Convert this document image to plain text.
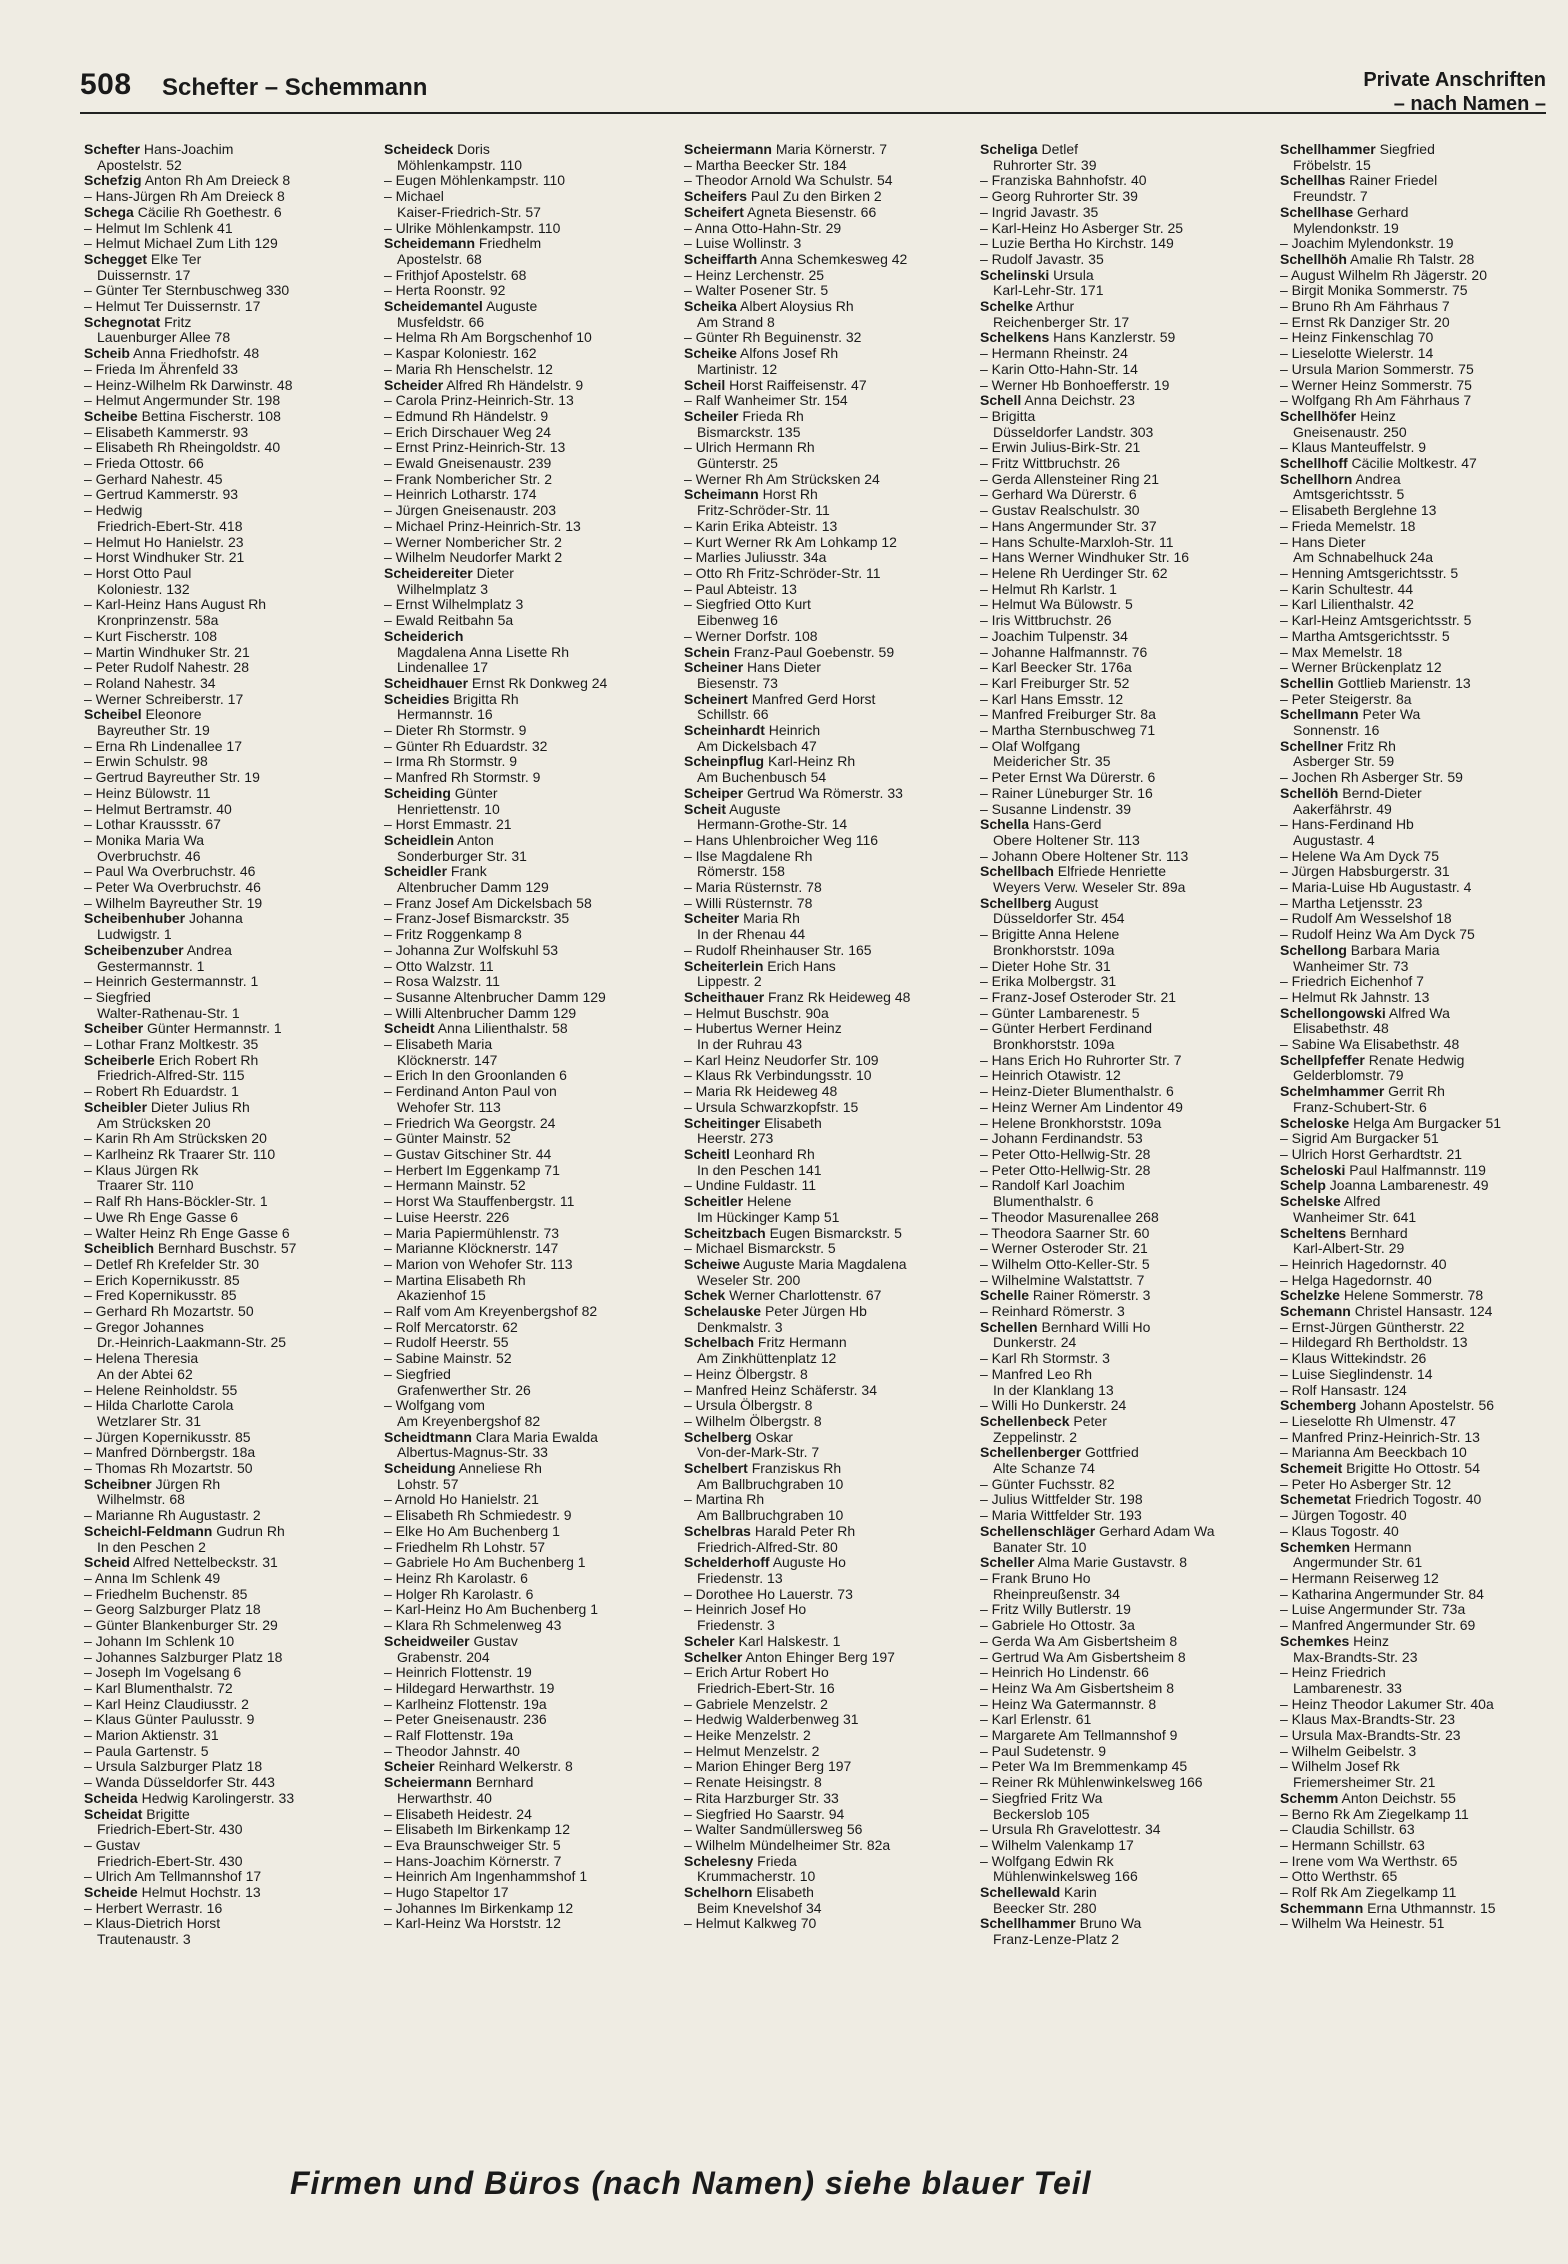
508 Schefter – Schemmann	Private Anschriften
– nach Namen –
Schefter Hans-Joachim
Apostelstr. 52
Schefzig Anton Rh Am Dreieck 8
– Hans-Jürgen Rh Am Dreieck 8
Schega Cäcilie Rh Goethestr. 6
– Helmut Im Schlenk 41
– Helmut Michael Zum Lith 129
Schegget Elke Ter
Duissernstr. 17
– Günter Ter Sternbuschweg 330
– Helmut Ter Duissernstr. 17
Schegnotat Fritz
Lauenburger Allee 78
Scheib Anna Friedhofstr. 48
– Frieda Im Ährenfeld 33
– Heinz-Wilhelm Rk Darwinstr. 48
– Helmut Angermunder Str. 198
Scheibe Bettina Fischerstr. 108
– Elisabeth Kammerstr. 93
– Elisabeth Rh Rheingoldstr. 40
– Frieda Ottostr. 66
– Gerhard Nahestr. 45
– Gertrud Kammerstr. 93
– Hedwig
Friedrich-Ebert-Str. 418
– Helmut Ho Hanielstr. 23
– Horst Windhuker Str. 21
– Horst Otto Paul
Koloniestr. 132
– Karl-Heinz Hans August Rh
Kronprinzenstr. 58a
– Kurt Fischerstr. 108
– Martin Windhuker Str. 21
– Peter Rudolf Nahestr. 28
– Roland Nahestr. 34
– Werner Schreiberstr. 17
Scheibel Eleonore
Bayreuther Str. 19
– Erna Rh Lindenallee 17
– Erwin Schulstr. 98
– Gertrud Bayreuther Str. 19
– Heinz Bülowstr. 11
– Helmut Bertramstr. 40
– Lothar Kraussstr. 67
– Monika Maria Wa
Overbruchstr. 46
– Paul Wa Overbruchstr. 46
– Peter Wa Overbruchstr. 46
– Wilhelm Bayreuther Str. 19
Scheibenhuber Johanna
Ludwigstr. 1
Scheibenzuber Andrea
Gestermannstr. 1
– Heinrich Gestermannstr. 1
– Siegfried
Walter-Rathenau-Str. 1
Scheiber Günter Hermannstr. 1
– Lothar Franz Moltkestr. 35
Scheiberle Erich Robert Rh
Friedrich-Alfred-Str. 115
– Robert Rh Eduardstr. 1
Scheibler Dieter Julius Rh
Am Strücksken 20
– Karin Rh Am Strücksken 20
– Karlheinz Rk Traarer Str. 110
– Klaus Jürgen Rk
Traarer Str. 110
– Ralf Rh Hans-Böckler-Str. 1
– Uwe Rh Enge Gasse 6
– Walter Heinz Rh Enge Gasse 6
Scheiblich Bernhard Buschstr. 57
– Detlef Rh Krefelder Str. 30
– Erich Kopernikusstr. 85
– Fred Kopernikusstr. 85
– Gerhard Rh Mozartstr. 50
– Gregor Johannes
Dr.-Heinrich-Laakmann-Str. 25
– Helena Theresia
An der Abtei 62
– Helene Reinholdstr. 55
– Hilda Charlotte Carola
Wetzlarer Str. 31
– Jürgen Kopernikusstr. 85
– Manfred Dörnbergstr. 18a
– Thomas Rh Mozartstr. 50
Scheibner Jürgen Rh
Wilhelmstr. 68
– Marianne Rh Augustastr. 2
Scheichl-Feldmann Gudrun Rh
In den Peschen 2
Scheid Alfred Nettelbeckstr. 31
– Anna Im Schlenk 49
– Friedhelm Buchenstr. 85
– Georg Salzburger Platz 18
– Günter Blankenburger Str. 29
– Johann Im Schlenk 10
– Johannes Salzburger Platz 18
– Joseph Im Vogelsang 6
– Karl Blumenthalstr. 72
– Karl Heinz Claudiusstr. 2
– Klaus Günter Paulusstr. 9
– Marion Aktienstr. 31
– Paula Gartenstr. 5
– Ursula Salzburger Platz 18
– Wanda Düsseldorfer Str. 443
Scheida Hedwig Karolingerstr. 33
Scheidat Brigitte
Friedrich-Ebert-Str. 430
– Gustav
Friedrich-Ebert-Str. 430
– Ulrich Am Tellmannshof 17
Scheide Helmut Hochstr. 13
– Herbert Werrastr. 16
– Klaus-Dietrich Horst
Trautenaustr. 3
Scheideck Doris
Möhlenkampstr. 110
– Eugen Möhlenkampstr. 110
– Michael
Kaiser-Friedrich-Str. 57
– Ulrike Möhlenkampstr. 110
Scheidemann Friedhelm
Apostelstr. 68
– Frithjof Apostelstr. 68
– Herta Roonstr. 92
Scheidemantel Auguste
Musfeldstr. 66
– Helma Rh Am Borgschenhof 10
– Kaspar Koloniestr. 162
– Maria Rh Henschelstr. 12
Scheider Alfred Rh Händelstr. 9
– Carola Prinz-Heinrich-Str. 13
– Edmund Rh Händelstr. 9
– Erich Dirschauer Weg 24
– Ernst Prinz-Heinrich-Str. 13
– Ewald Gneisenaustr. 239
– Frank Nombericher Str. 2
– Heinrich Lotharstr. 174
– Jürgen Gneisenaustr. 203
– Michael Prinz-Heinrich-Str. 13
– Werner Nombericher Str. 2
– Wilhelm Neudorfer Markt 2
Scheidereiter Dieter
Wilhelmplatz 3
– Ernst Wilhelmplatz 3
– Ewald Reitbahn 5a
Scheiderich
Magdalena Anna Lisette Rh
Lindenallee 17
Scheidhauer Ernst Rk Donkweg 24
Scheidies Brigitta Rh
Hermannstr. 16
– Dieter Rh Stormstr. 9
– Günter Rh Eduardstr. 32
– Irma Rh Stormstr. 9
– Manfred Rh Stormstr. 9
Scheiding Günter
Henriettenstr. 10
– Horst Emmastr. 21
Scheidlein Anton
Sonderburger Str. 31
Scheidler Frank
Altenbrucher Damm 129
– Franz Josef Am Dickelsbach 58
– Franz-Josef Bismarckstr. 35
– Fritz Roggenkamp 8
– Johanna Zur Wolfskuhl 53
– Otto Walzstr. 11
– Rosa Walzstr. 11
– Susanne Altenbrucher Damm 129
– Willi Altenbrucher Damm 129
Scheidt Anna Lilienthalstr. 58
– Elisabeth Maria
Klöcknerstr. 147
– Erich In den Groonlanden 6
– Ferdinand Anton Paul von
Wehofer Str. 113
– Friedrich Wa Georgstr. 24
– Günter Mainstr. 52
– Gustav Gitschiner Str. 44
– Herbert Im Eggenkamp 71
– Hermann Mainstr. 52
– Horst Wa Stauffenbergstr. 11
– Luise Heerstr. 226
– Maria Papiermühlenstr. 73
– Marianne Klöcknerstr. 147
– Marion von Wehofer Str. 113
– Martina Elisabeth Rh
Akazienhof 15
– Ralf vom Am Kreyenbergshof 82
– Rolf Mercatorstr. 62
– Rudolf Heerstr. 55
– Sabine Mainstr. 52
– Siegfried
Grafenwerther Str. 26
– Wolfgang vom
Am Kreyenbergshof 82
Scheidtmann Clara Maria Ewalda
Albertus-Magnus-Str. 33
Scheidung Anneliese Rh
Lohstr. 57
– Arnold Ho Hanielstr. 21
– Elisabeth Rh Schmiedestr. 9
– Elke Ho Am Buchenberg 1
– Friedhelm Rh Lohstr. 57
– Gabriele Ho Am Buchenberg 1
– Heinz Rh Karolastr. 6
– Holger Rh Karolastr. 6
– Karl-Heinz Ho Am Buchenberg 1
– Klara Rh Schmelenweg 43
Scheidweiler Gustav
Grabenstr. 204
– Heinrich Flottenstr. 19
– Hildegard Herwarthstr. 19
– Karlheinz Flottenstr. 19a
– Peter Gneisenaustr. 236
– Ralf Flottenstr. 19a
– Theodor Jahnstr. 40
Scheier Reinhard Welkerstr. 8
Scheiermann Bernhard
Herwarthstr. 40
– Elisabeth Heidestr. 24
– Elisabeth Im Birkenkamp 12
– Eva Braunschweiger Str. 5
– Hans-Joachim Körnerstr. 7
– Heinrich Am Ingenhammshof 1
– Hugo Stapeltor 17
– Johannes Im Birkenkamp 12
– Karl-Heinz Wa Horststr. 12
Scheiermann Maria Körnerstr. 7
– Martha Beecker Str. 184
– Theodor Arnold Wa Schulstr. 54
Scheifers Paul Zu den Birken 2
Scheifert Agneta Biesenstr. 66
– Anna Otto-Hahn-Str. 29
– Luise Wollinstr. 3
Scheiffarth Anna Schemkesweg 42
– Heinz Lerchenstr. 25
– Walter Posener Str. 5
Scheika Albert Aloysius Rh
Am Strand 8
– Günter Rh Beguinenstr. 32
Scheike Alfons Josef Rh
Martinistr. 12
Scheil Horst Raiffeisenstr. 47
– Ralf Wanheimer Str. 154
Scheiler Frieda Rh
Bismarckstr. 135
– Ulrich Hermann Rh
Günterstr. 25
– Werner Rh Am Strücksken 24
Scheimann Horst Rh
Fritz-Schröder-Str. 11
– Karin Erika Abteistr. 13
– Kurt Werner Rk Am Lohkamp 12
– Marlies Juliusstr. 34a
– Otto Rh Fritz-Schröder-Str. 11
– Paul Abteistr. 13
– Siegfried Otto Kurt
Eibenweg 16
– Werner Dorfstr. 108
Schein Franz-Paul Goebenstr. 59
Scheiner Hans Dieter
Biesenstr. 73
Scheinert Manfred Gerd Horst
Schillstr. 66
Scheinhardt Heinrich
Am Dickelsbach 47
Scheinpflug Karl-Heinz Rh
Am Buchenbusch 54
Scheiper Gertrud Wa Römerstr. 33
Scheit Auguste
Hermann-Grothe-Str. 14
– Hans Uhlenbroicher Weg 116
– Ilse Magdalene Rh
Römerstr. 158
– Maria Rüsternstr. 78
– Willi Rüsternstr. 78
Scheiter Maria Rh
In der Rhenau 44
– Rudolf Rheinhauser Str. 165
Scheiterlein Erich Hans
Lippestr. 2
Scheithauer Franz Rk Heideweg 48
– Helmut Buschstr. 90a
– Hubertus Werner Heinz
In der Ruhrau 43
– Karl Heinz Neudorfer Str. 109
– Klaus Rk Verbindungsstr. 10
– Maria Rk Heideweg 48
– Ursula Schwarzkopfstr. 15
Scheitinger Elisabeth
Heerstr. 273
Scheitl Leonhard Rh
In den Peschen 141
– Undine Fuldastr. 11
Scheitler Helene
Im Hückinger Kamp 51
Scheitzbach Eugen Bismarckstr. 5
– Michael Bismarckstr. 5
Scheiwe Auguste Maria Magdalena
Weseler Str. 200
Schek Werner Charlottenstr. 67
Schelauske Peter Jürgen Hb
Denkmalstr. 3
Schelbach Fritz Hermann
Am Zinkhüttenplatz 12
– Heinz Ölbergstr. 8
– Manfred Heinz Schäferstr. 34
– Ursula Ölbergstr. 8
– Wilhelm Ölbergstr. 8
Schelberg Oskar
Von-der-Mark-Str. 7
Schelbert Franziskus Rh
Am Ballbruchgraben 10
– Martina Rh
Am Ballbruchgraben 10
Schelbras Harald Peter Rh
Friedrich-Alfred-Str. 80
Schelderhoff Auguste Ho
Friedenstr. 13
– Dorothee Ho Lauerstr. 73
– Heinrich Josef Ho
Friedenstr. 3
Scheler Karl Halskestr. 1
Schelker Anton Ehinger Berg 197
– Erich Artur Robert Ho
Friedrich-Ebert-Str. 16
– Gabriele Menzelstr. 2
– Hedwig Walderbenweg 31
– Heike Menzelstr. 2
– Helmut Menzelstr. 2
– Marion Ehinger Berg 197
– Renate Heisingstr. 8
– Rita Harzburger Str. 33
– Siegfried Ho Saarstr. 94
– Walter Sandmüllersweg 56
– Wilhelm Mündelheimer Str. 82a
Schelesny Frieda
Krummacherstr. 10
Schelhorn Elisabeth
Beim Knevelshof 34
– Helmut Kalkweg 70
Scheliga Detlef
Ruhrorter Str. 39
– Franziska Bahnhofstr. 40
– Georg Ruhrorter Str. 39
– Ingrid Javastr. 35
– Karl-Heinz Ho Asberger Str. 25
– Luzie Bertha Ho Kirchstr. 149
– Rudolf Javastr. 35
Schelinski Ursula
Karl-Lehr-Str. 171
Schelke Arthur
Reichenberger Str. 17
Schelkens Hans Kanzlerstr. 59
– Hermann Rheinstr. 24
– Karin Otto-Hahn-Str. 14
– Werner Hb Bonhoefferstr. 19
Schell Anna Deichstr. 23
– Brigitta
Düsseldorfer Landstr. 303
– Erwin Julius-Birk-Str. 21
– Fritz Wittbruchstr. 26
– Gerda Allensteiner Ring 21
– Gerhard Wa Dürerstr. 6
– Gustav Realschulstr. 30
– Hans Angermunder Str. 37
– Hans Schulte-Marxloh-Str. 11
– Hans Werner Windhuker Str. 16
– Helene Rh Uerdinger Str. 62
– Helmut Rh Karlstr. 1
– Helmut Wa Bülowstr. 5
– Iris Wittbruchstr. 26
– Joachim Tulpenstr. 34
– Johanne Halfmannstr. 76
– Karl Beecker Str. 176a
– Karl Freiburger Str. 52
– Karl Hans Emsstr. 12
– Manfred Freiburger Str. 8a
– Martha Sternbuschweg 71
– Olaf Wolfgang
Meidericher Str. 35
– Peter Ernst Wa Dürerstr. 6
– Rainer Lüneburger Str. 16
– Susanne Lindenstr. 39
Schella Hans-Gerd
Obere Holtener Str. 113
– Johann Obere Holtener Str. 113
Schellbach Elfriede Henriette
Weyers Verw. Weseler Str. 89a
Schellberg August
Düsseldorfer Str. 454
– Brigitte Anna Helene
Bronkhorststr. 109a
– Dieter Hohe Str. 31
– Erika Molbergstr. 31
– Franz-Josef Osteroder Str. 21
– Günter Lambarenestr. 5
– Günter Herbert Ferdinand
Bronkhorststr. 109a
– Hans Erich Ho Ruhrorter Str. 7
– Heinrich Otawistr. 12
– Heinz-Dieter Blumenthalstr. 6
– Heinz Werner Am Lindentor 49
– Helene Bronkhorststr. 109a
– Johann Ferdinandstr. 53
– Peter Otto-Hellwig-Str. 28
– Peter Otto-Hellwig-Str. 28
– Randolf Karl Joachim
Blumenthalstr. 6
– Theodor Masurenallee 268
– Theodora Saarner Str. 60
– Werner Osteroder Str. 21
– Wilhelm Otto-Keller-Str. 5
– Wilhelmine Walstattstr. 7
Schelle Rainer Römerstr. 3
– Reinhard Römerstr. 3
Schellen Bernhard Willi Ho
Dunkerstr. 24
– Karl Rh Stormstr. 3
– Manfred Leo Rh
In der Klanklang 13
– Willi Ho Dunkerstr. 24
Schellenbeck Peter
Zeppelinstr. 2
Schellenberger Gottfried
Alte Schanze 74
– Günter Fuchsstr. 82
– Julius Wittfelder Str. 198
– Maria Wittfelder Str. 193
Schellenschläger Gerhard Adam Wa
Banater Str. 10
Scheller Alma Marie Gustavstr. 8
– Frank Bruno Ho
Rheinpreußenstr. 34
– Fritz Willy Butlerstr. 19
– Gabriele Ho Ottostr. 3a
– Gerda Wa Am Gisbertsheim 8
– Gertrud Wa Am Gisbertsheim 8
– Heinrich Ho Lindenstr. 66
– Heinz Wa Am Gisbertsheim 8
– Heinz Wa Gatermannstr. 8
– Karl Erlenstr. 61
– Margarete Am Tellmannshof 9
– Paul Sudetenstr. 9
– Peter Wa Im Bremmenkamp 45
– Reiner Rk Mühlenwinkelsweg 166
– Siegfried Fritz Wa
Beckerslob 105
– Ursula Rh Gravelottestr. 34
– Wilhelm Valenkamp 17
– Wolfgang Edwin Rk
Mühlenwinkelsweg 166
Schellewald Karin
Beecker Str. 280
Schellhammer Bruno Wa
Franz-Lenze-Platz 2
Schellhammer Siegfried
Fröbelstr. 15
Schellhas Rainer Friedel
Freundstr. 7
Schellhase Gerhard
Mylendonkstr. 19
– Joachim Mylendonkstr. 19
Schellhöh Amalie Rh Talstr. 28
– August Wilhelm Rh Jägerstr. 20
– Birgit Monika Sommerstr. 75
– Bruno Rh Am Fährhaus 7
– Ernst Rk Danziger Str. 20
– Heinz Finkenschlag 70
– Lieselotte Wielerstr. 14
– Ursula Marion Sommerstr. 75
– Werner Heinz Sommerstr. 75
– Wolfgang Rh Am Fährhaus 7
Schellhöfer Heinz
Gneisenaustr. 250
– Klaus Manteuffelstr. 9
Schellhoff Cäcilie Moltkestr. 47
Schellhorn Andrea
Amtsgerichtsstr. 5
– Elisabeth Berglehne 13
– Frieda Memelstr. 18
– Hans Dieter
Am Schnabelhuck 24a
– Henning Amtsgerichtsstr. 5
– Karin Schultestr. 44
– Karl Lilienthalstr. 42
– Karl-Heinz Amtsgerichtsstr. 5
– Martha Amtsgerichtsstr. 5
– Max Memelstr. 18
– Werner Brückenplatz 12
Schellin Gottlieb Marienstr. 13
– Peter Steigerstr. 8a
Schellmann Peter Wa
Sonnenstr. 16
Schellner Fritz Rh
Asberger Str. 59
– Jochen Rh Asberger Str. 59
Schellöh Bernd-Dieter
Aakerfährstr. 49
– Hans-Ferdinand Hb
Augustastr. 4
– Helene Wa Am Dyck 75
– Jürgen Habsburgerstr. 31
– Maria-Luise Hb Augustastr. 4
– Martha Letjensstr. 23
– Rudolf Am Wesselshof 18
– Rudolf Heinz Wa Am Dyck 75
Schellong Barbara Maria
Wanheimer Str. 73
– Friedrich Eichenhof 7
– Helmut Rk Jahnstr. 13
Schellongowski Alfred Wa
Elisabethstr. 48
– Sabine Wa Elisabethstr. 48
Schellpfeffer Renate Hedwig
Gelderblomstr. 79
Schelmhammer Gerrit Rh
Franz-Schubert-Str. 6
Scheloske Helga Am Burgacker 51
– Sigrid Am Burgacker 51
– Ulrich Horst Gerhardtstr. 21
Scheloski Paul Halfmannstr. 119
Schelp Joanna Lambarenestr. 49
Schelske Alfred
Wanheimer Str. 641
Scheltens Bernhard
Karl-Albert-Str. 29
– Heinrich Hagedornstr. 40
– Helga Hagedornstr. 40
Schelzke Helene Sommerstr. 78
Schemann Christel Hansastr. 124
– Ernst-Jürgen Güntherstr. 22
– Hildegard Rh Bertholdstr. 13
– Klaus Wittekindstr. 26
– Luise Sieglindenstr. 14
– Rolf Hansastr. 124
Schemberg Johann Apostelstr. 56
– Lieselotte Rh Ulmenstr. 47
– Manfred Prinz-Heinrich-Str. 13
– Marianna Am Beeckbach 10
Schemeit Brigitte Ho Ottostr. 54
– Peter Ho Asberger Str. 12
Schemetat Friedrich Togostr. 40
– Jürgen Togostr. 40
– Klaus Togostr. 40
Schemken Hermann
Angermunder Str. 61
– Hermann Reiserweg 12
– Katharina Angermunder Str. 84
– Luise Angermunder Str. 73a
– Manfred Angermunder Str. 69
Schemkes Heinz
Max-Brandts-Str. 23
– Heinz Friedrich
Lambarenestr. 33
– Heinz Theodor Lakumer Str. 40a
– Klaus Max-Brandts-Str. 23
– Ursula Max-Brandts-Str. 23
– Wilhelm Geibelstr. 3
– Wilhelm Josef Rk
Friemersheimer Str. 21
Schemm Anton Deichstr. 55
– Berno Rk Am Ziegelkamp 11
– Claudia Schillstr. 63
– Hermann Schillstr. 63
– Irene vom Wa Werthstr. 65
– Otto Werthstr. 65
– Rolf Rk Am Ziegelkamp 11
Schemmann Erna Uthmannstr. 15
– Wilhelm Wa Heinestr. 51
Firmen und Büros (nach Namen) siehe blauer Teil
